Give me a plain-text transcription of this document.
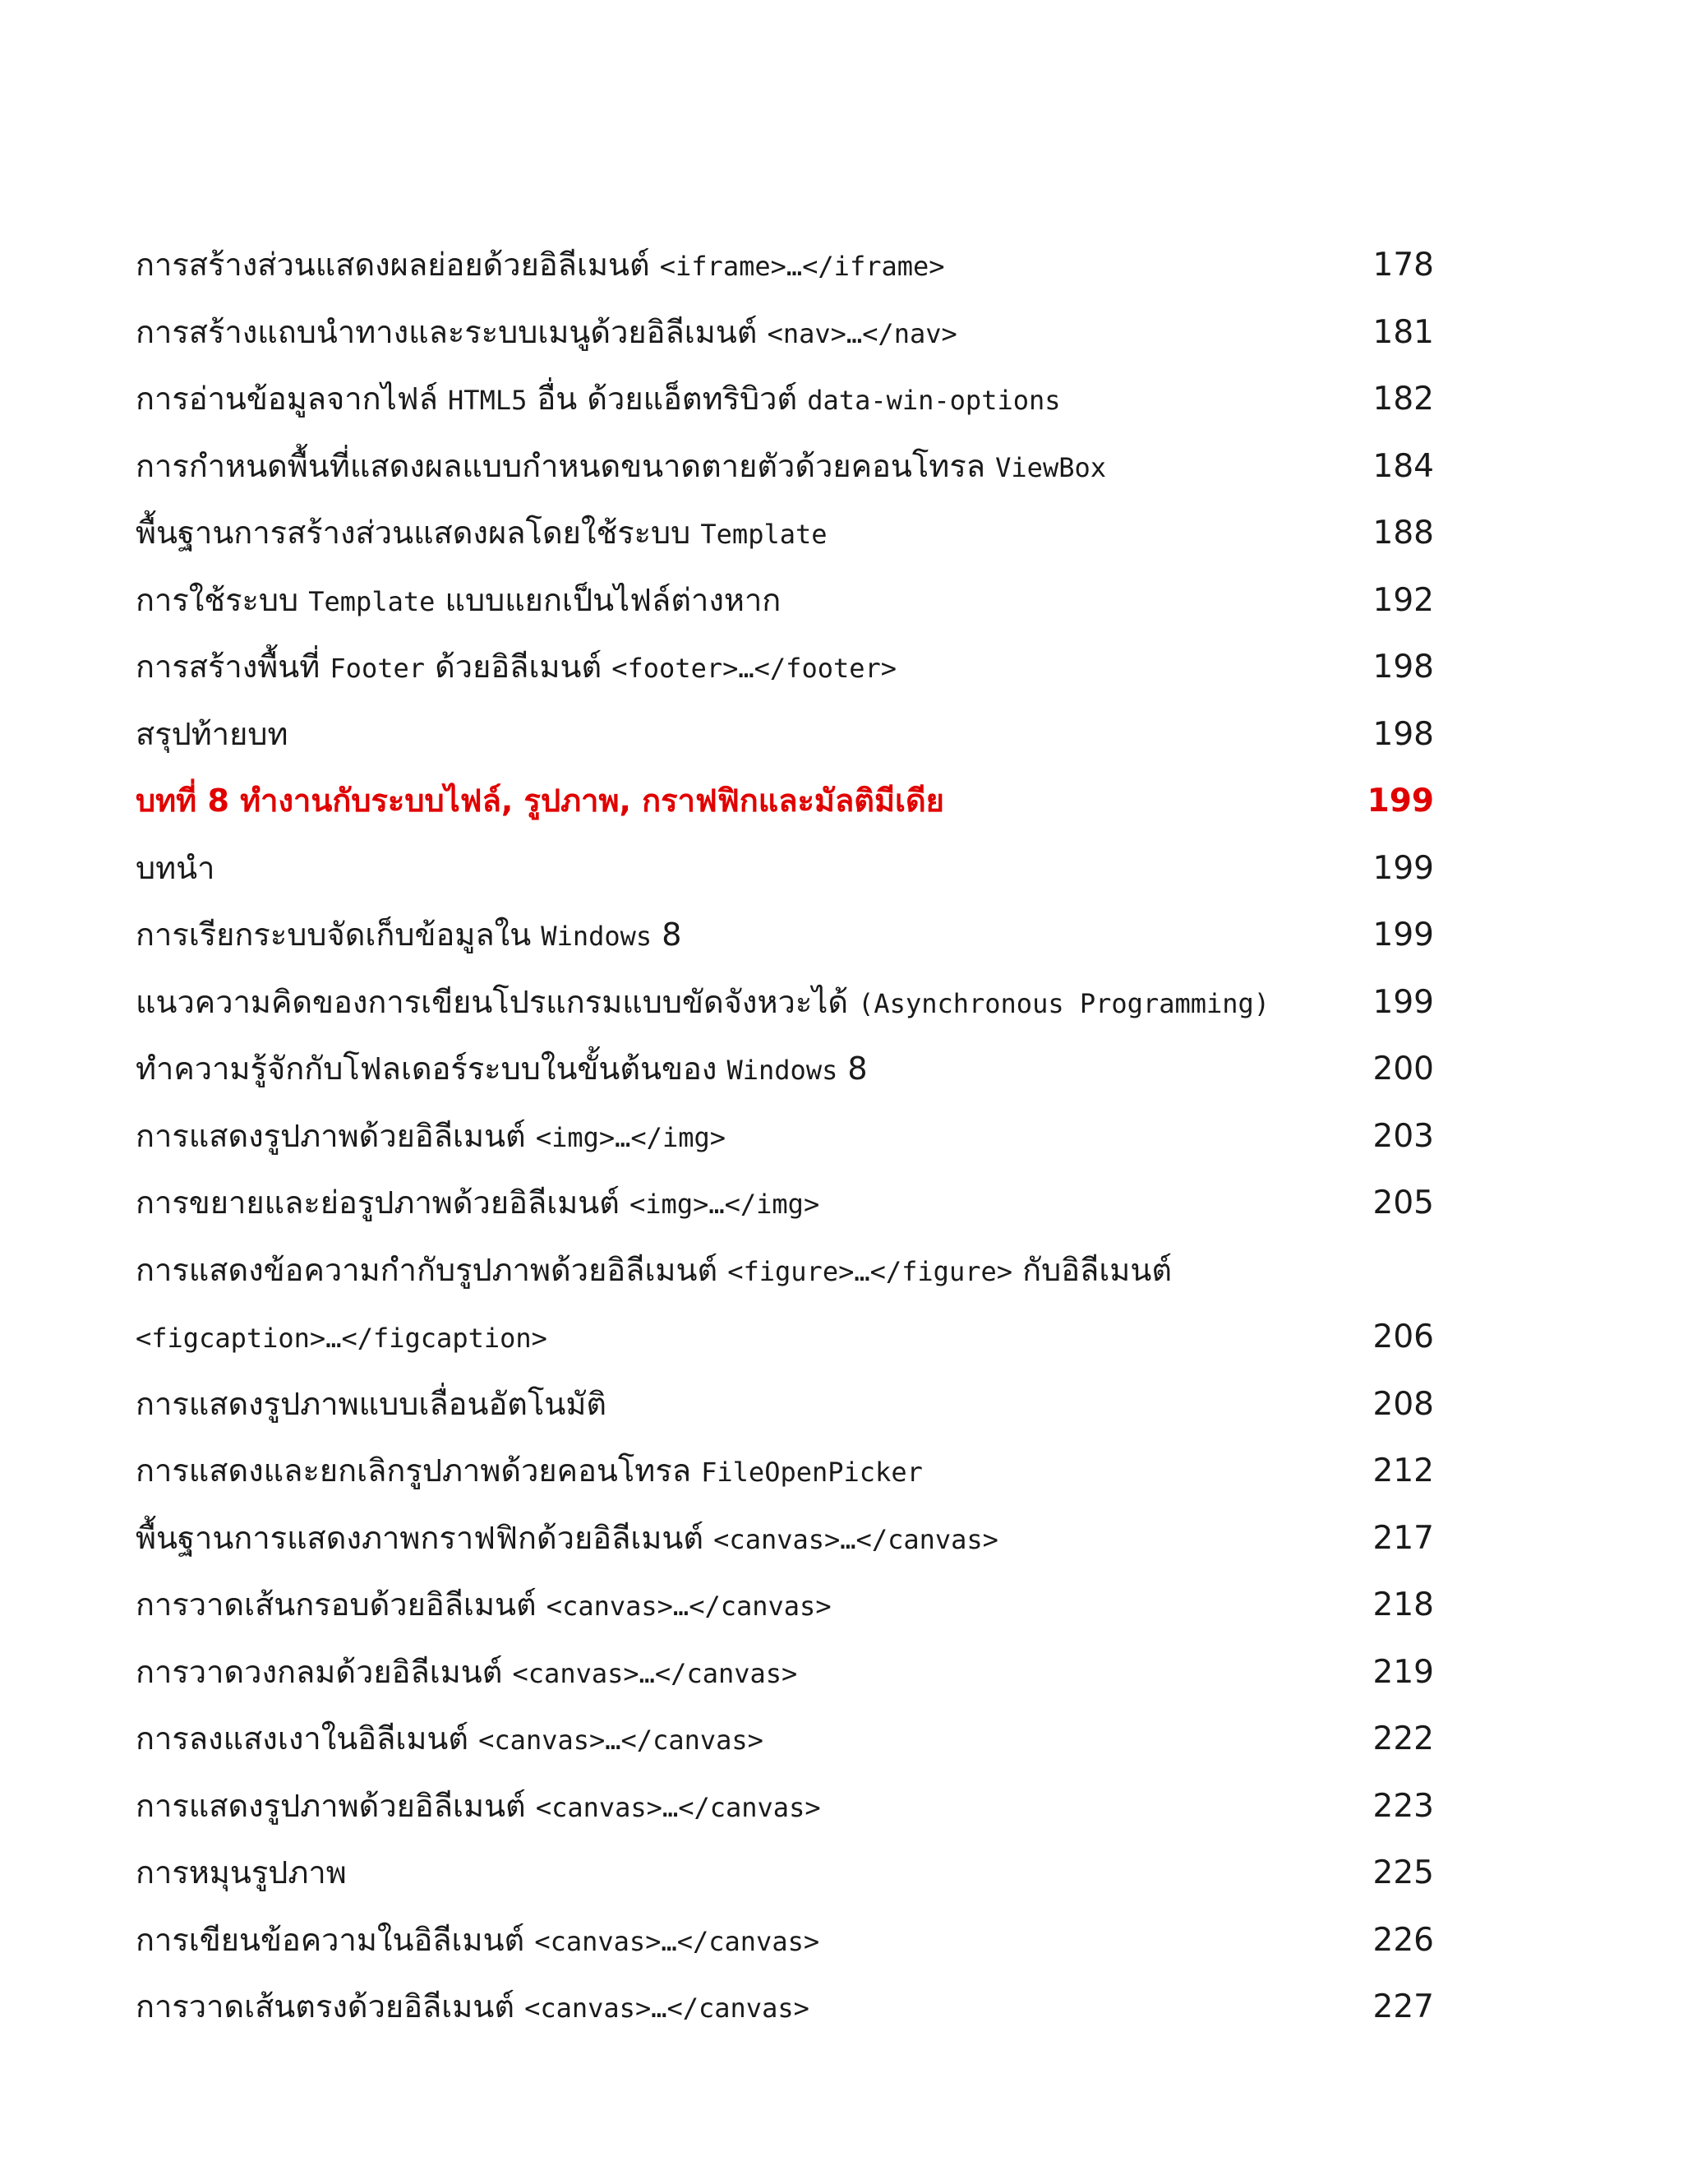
การสร้างส่วนแสดงผลย่อยด้วยอิลีเมนต์ <iframe>…</iframe>	178
การสร้างแถบนำทางและระบบเมนูด้วยอิลีเมนต์ <nav>…</nav>	181
การอ่านข้อมูลจากไฟล์ HTML5 อื่น ด้วยแอ็ตทริบิวต์ data-win-options	182
การกำหนดพื้นที่แสดงผลแบบกำหนดขนาดตายตัวด้วยคอนโทรล ViewBox	184
พื้นฐานการสร้างส่วนแสดงผลโดยใช้ระบบ Template	188
การใช้ระบบ Template แบบแยกเป็นไฟล์ต่างหาก	192
การสร้างพื้นที่ Footer ด้วยอิลีเมนต์ <footer>…</footer>	198
สรุปท้ายบท	198
บทที่ 8 ทำงานกับระบบไฟล์, รูปภาพ, กราฟฟิกและมัลติมีเดีย	199
บทนำ	199
การเรียกระบบจัดเก็บข้อมูลใน Windows 8	199
แนวความคิดของการเขียนโปรแกรมแบบขัดจังหวะได้ (Asynchronous Programming)	199
ทำความรู้จักกับโฟลเดอร์ระบบในขั้นต้นของ Windows 8	200
การแสดงรูปภาพด้วยอิลีเมนต์ <img>…</img>	203
การขยายและย่อรูปภาพด้วยอิลีเมนต์ <img>…</img>	205
การแสดงข้อความกำกับรูปภาพด้วยอิลีเมนต์ <figure>…</figure> กับอิลีเมนต์
<figcaption>…</figcaption>	206
การแสดงรูปภาพแบบเลื่อนอัตโนมัติ	208
การแสดงและยกเลิกรูปภาพด้วยคอนโทรล FileOpenPicker	212
พื้นฐานการแสดงภาพกราฟฟิกด้วยอิลีเมนต์ <canvas>…</canvas>	217
การวาดเส้นกรอบด้วยอิลีเมนต์ <canvas>…</canvas>	218
การวาดวงกลมด้วยอิลีเมนต์ <canvas>…</canvas>	219
การลงแสงเงาในอิลีเมนต์ <canvas>…</canvas>	222
การแสดงรูปภาพด้วยอิลีเมนต์ <canvas>…</canvas>	223
การหมุนรูปภาพ	225
การเขียนข้อความในอิลีเมนต์ <canvas>…</canvas>	226
การวาดเส้นตรงด้วยอิลีเมนต์ <canvas>…</canvas>	227
